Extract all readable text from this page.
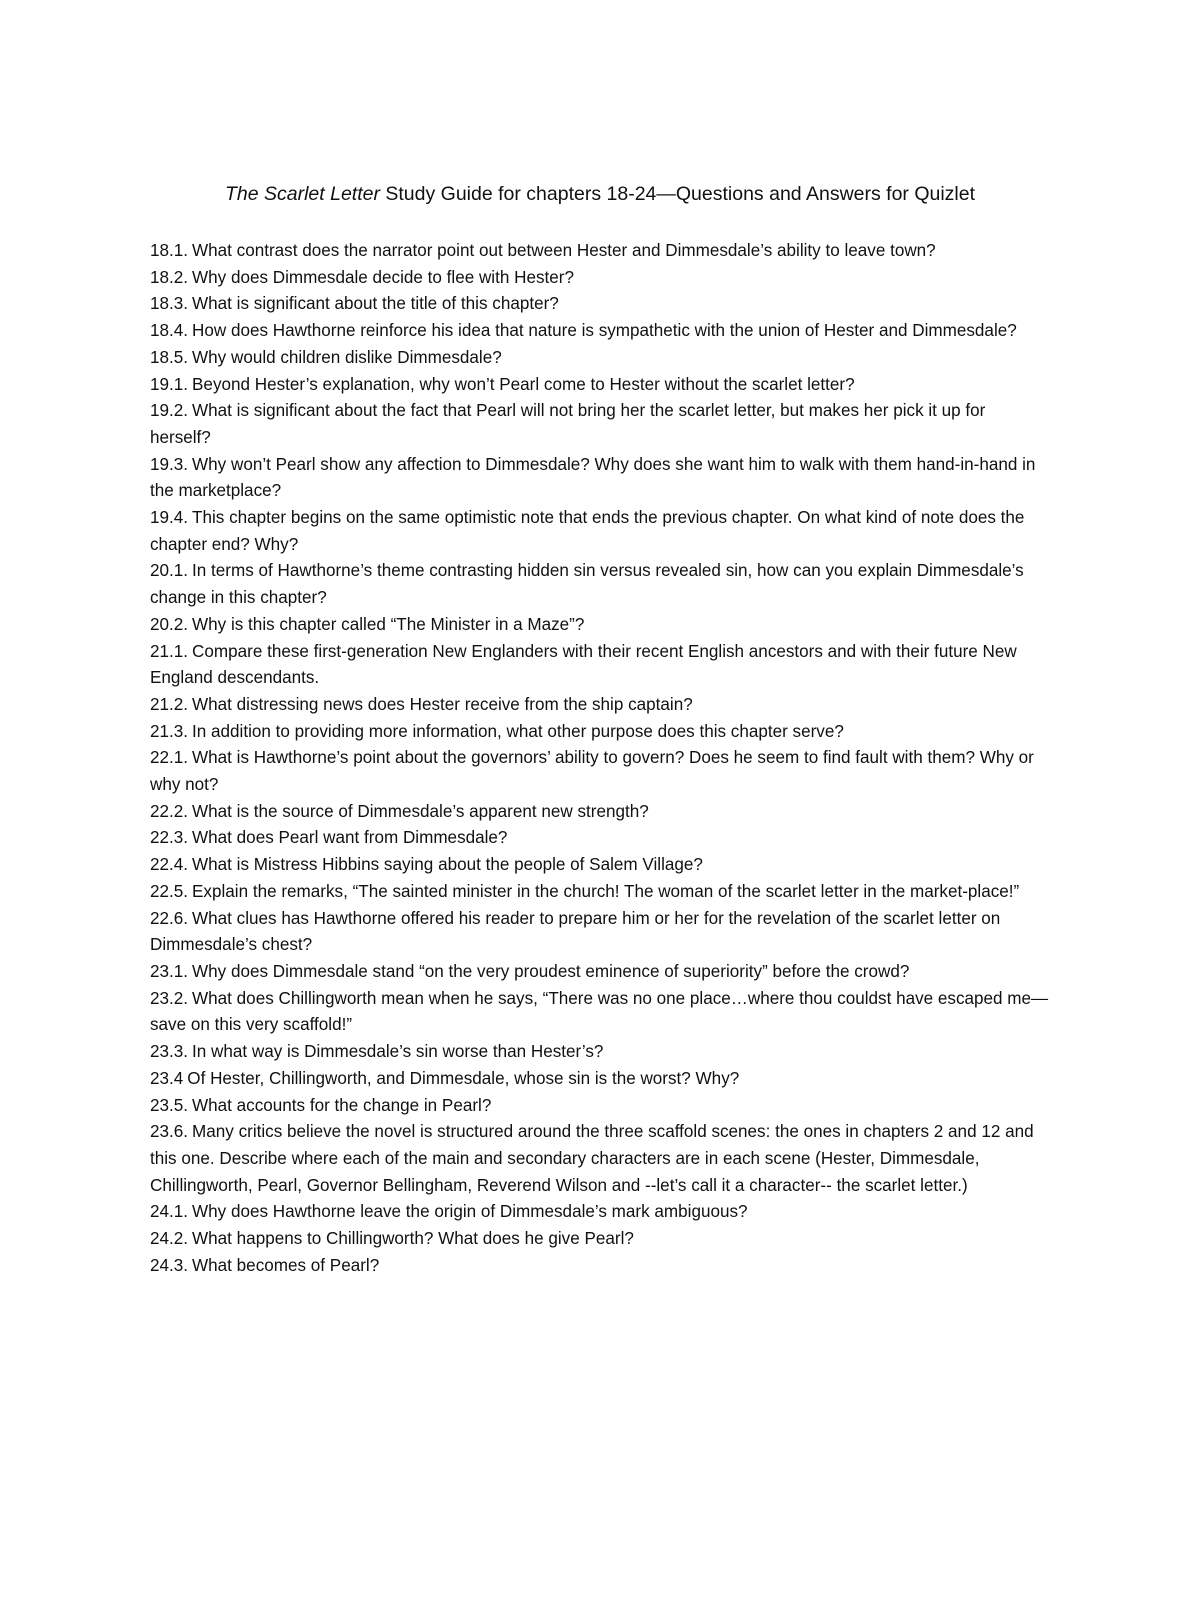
The Scarlet Letter Study Guide for chapters 18-24—Questions and Answers for Quizlet
18.1. What contrast does the narrator point out between Hester and Dimmesdale’s ability to leave town?
18.2. Why does Dimmesdale decide to flee with Hester?
18.3. What is significant about the title of this chapter?
18.4. How does Hawthorne reinforce his idea that nature is sympathetic with the union of Hester and Dimmesdale?
18.5. Why would children dislike Dimmesdale?
19.1. Beyond Hester’s explanation, why won’t Pearl come to Hester without the scarlet letter?
19.2. What is significant about the fact that Pearl will not bring her the scarlet letter, but makes her pick it up for herself?
19.3. Why won’t Pearl show any affection to Dimmesdale? Why does she want him to walk with them hand-in-hand in the marketplace?
19.4. This chapter begins on the same optimistic note that ends the previous chapter. On what kind of note does the chapter end? Why?
20.1. In terms of Hawthorne’s theme contrasting hidden sin versus revealed sin, how can you explain Dimmesdale’s change in this chapter?
20.2. Why is this chapter called “The Minister in a Maze”?
21.1. Compare these first-generation New Englanders with their recent English ancestors and with their future New England descendants.
21.2. What distressing news does Hester receive from the ship captain?
21.3. In addition to providing more information, what other purpose does this chapter serve?
22.1. What is Hawthorne’s point about the governors’ ability to govern? Does he seem to find fault with them? Why or why not?
22.2. What is the source of Dimmesdale’s apparent new strength?
22.3. What does Pearl want from Dimmesdale?
22.4. What is Mistress Hibbins saying about the people of Salem Village?
22.5. Explain the remarks, “The sainted minister in the church! The woman of the scarlet letter in the market-place!”
22.6. What clues has Hawthorne offered his reader to prepare him or her for the revelation of the scarlet letter on Dimmesdale’s chest?
23.1. Why does Dimmesdale stand “on the very proudest eminence of superiority” before the crowd?
23.2. What does Chillingworth mean when he says, “There was no one place…where thou couldst have escaped me—save on this very scaffold!”
23.3. In what way is Dimmesdale’s sin worse than Hester’s?
23.4 Of Hester, Chillingworth, and Dimmesdale, whose sin is the worst? Why?
23.5. What accounts for the change in Pearl?
23.6. Many critics believe the novel is structured around the three scaffold scenes: the ones in chapters 2 and 12 and this one. Describe where each of the main and secondary characters are in each scene (Hester, Dimmesdale, Chillingworth, Pearl, Governor Bellingham, Reverend Wilson and --let’s call it a character-- the scarlet letter.)
24.1. Why does Hawthorne leave the origin of Dimmesdale’s mark ambiguous?
24.2. What happens to Chillingworth? What does he give Pearl?
24.3. What becomes of Pearl?
